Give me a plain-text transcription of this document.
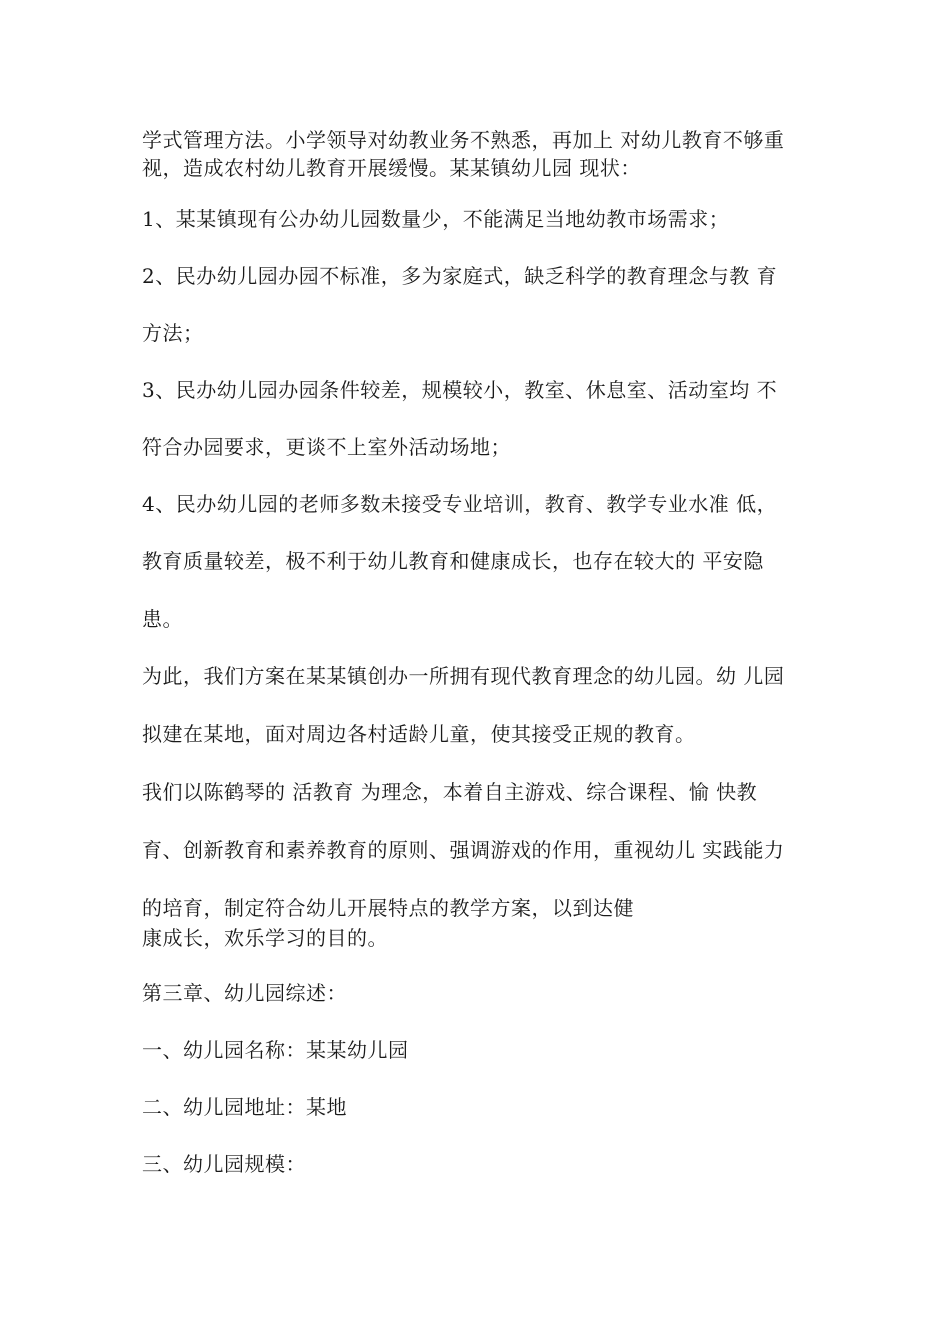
学式管理方法。小学领导对幼教业务不熟悉，再加上 对幼儿教育不够重
视，造成农村幼儿教育开展缓慢。某某镇幼儿园 现状：
1、某某镇现有公办幼儿园数量少，不能满足当地幼教市场需求；
2、民办幼儿园办园不标准，多为家庭式，缺乏科学的教育理念与教 育
方法；
3、民办幼儿园办园条件较差，规模较小，教室、休息室、活动室均 不
符合办园要求，更谈不上室外活动场地；
4、民办幼儿园的老师多数未接受专业培训，教育、教学专业水准 低，
教育质量较差，极不利于幼儿教育和健康成长，也存在较大的 平安隐
患。
为此，我们方案在某某镇创办一所拥有现代教育理念的幼儿园。幼 儿园
拟建在某地，面对周边各村适龄儿童，使其接受正规的教育。
我们以陈鹤琴的 活教育 为理念，本着自主游戏、综合课程、愉 快教
育、创新教育和素养教育的原则、强调游戏的作用，重视幼儿 实践能力
的培育，制定符合幼儿开展特点的教学方案，以到达健
康成长，欢乐学习的目的。
第三章、幼儿园综述：
一、幼儿园名称：某某幼儿园
二、幼儿园地址：某地
三、幼儿园规模：
